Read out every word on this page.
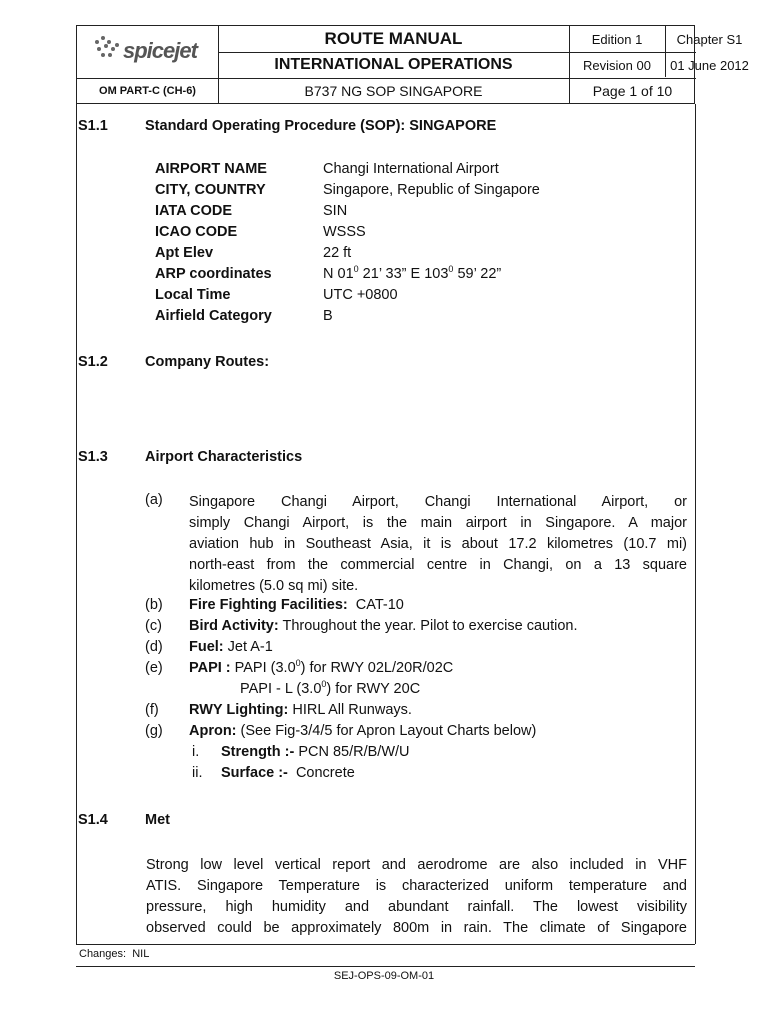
spicejet
OM PART-C (CH-6)
ROUTE MANUAL
INTERNATIONAL OPERATIONS
B737 NG SOP SINGAPORE
Edition 1	Chapter S1
Revision 00	01 June 2012
Page 1 of 10
S1.1	Standard Operating Procedure (SOP): SINGAPORE
AIRPORT NAME	Changi International Airport
CITY, COUNTRY	Singapore, Republic of Singapore
IATA CODE	SIN
ICAO CODE	WSSS
Apt Elev	22 ft
ARP coordinates	N $01^0$ 21’ 33” E $103^0$ 59’ 22”
Local Time	UTC +0800
Airfield Category	B
S1.2	Company Routes:
S1.3	Airport Characteristics
(a) Singapore Changi Airport, Changi International Airport, or
simply Changi Airport, is the main airport in Singapore. A major
aviation hub in Southeast Asia, it is about 17.2 kilometres (10.7 mi)
north-east from the commercial centre in Changi, on a 13 square
kilometres (5.0 sq mi) site.
(b) Fire Fighting Facilities:  CAT-10
(c) Bird Activity: Throughout the year. Pilot to exercise caution.
(d) Fuel: Jet A-1
(e) PAPI : PAPI $(3.0^0)$ for RWY 02L/20R/02C
PAPI - L $(3.0^0)$ for RWY 20C
(f) RWY Lighting: HIRL All Runways.
(g) Apron: (See Fig-3/4/5 for Apron Layout Charts below)
i. Strength :- PCN 85/R/B/W/U
ii. Surface :-  Concrete
S1.4	Met
Strong low level vertical report and aerodrome are also included in VHF
ATIS. Singapore Temperature is characterized uniform temperature and
pressure, high humidity and abundant rainfall. The lowest visibility
observed could be approximately 800m in rain. The climate of Singapore
Changes: NIL
SEJ-OPS-09-OM-01
